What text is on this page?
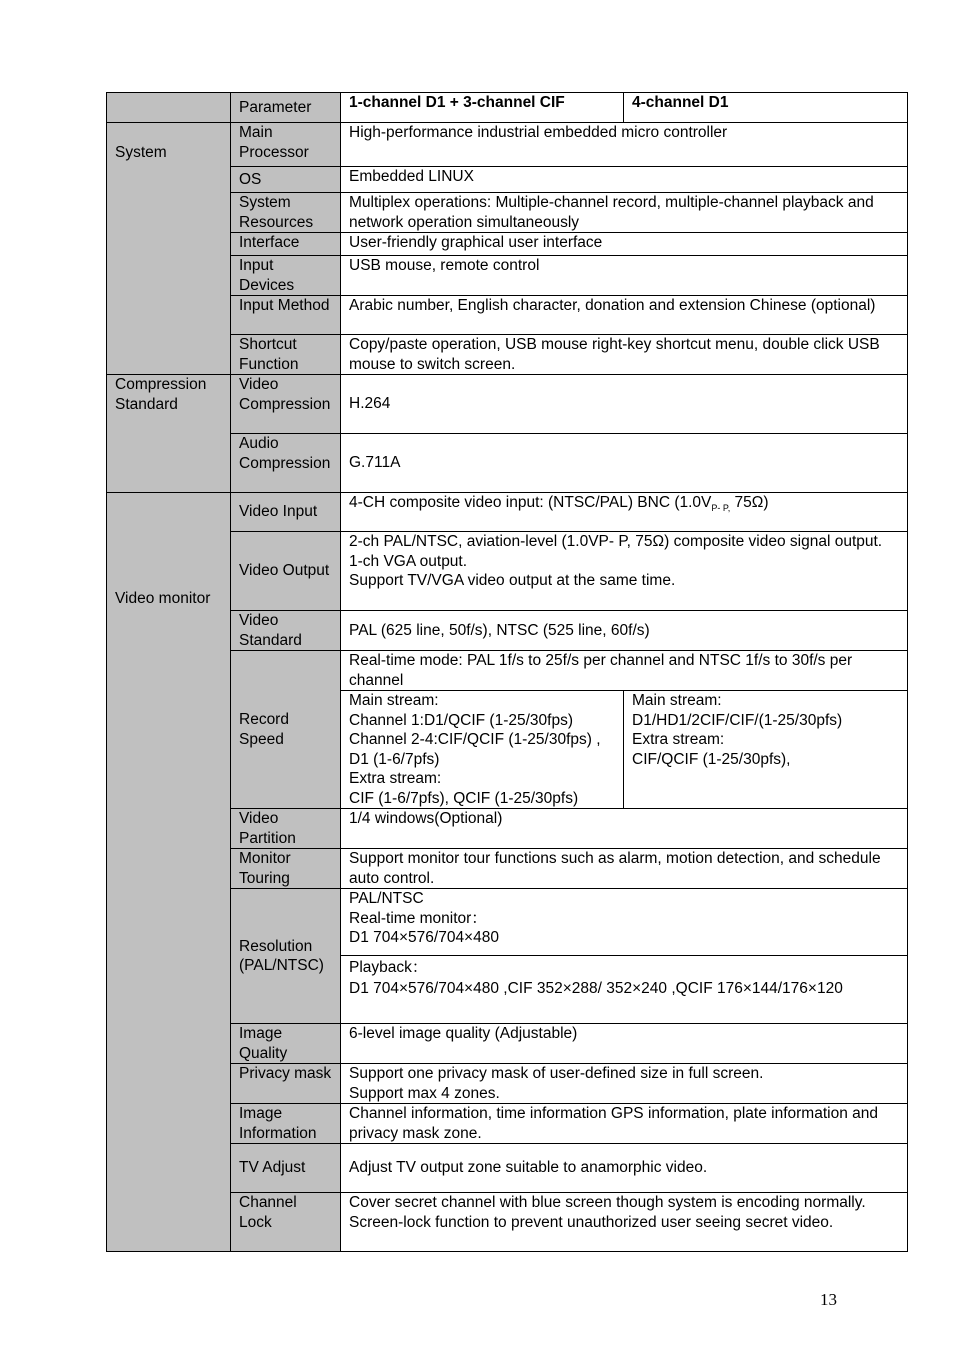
	Parameter	1-channel D1 + 3-channel CIF	4-channel D1
System	Main Processor	High-performance industrial embedded micro controller	
	OS	Embedded LINUX	
	System Resources	Multiplex operations: Multiple-channel record, multiple-channel playback and network operation simultaneously	
	Interface	User-friendly graphical user interface	
	Input Devices	USB mouse, remote control	
	Input Method	Arabic number, English character, donation and extension Chinese (optional)	
	Shortcut Function	Copy/paste operation, USB mouse right-key shortcut menu, double click USB mouse to switch screen.	
Compression Standard	Video Compression	H.264	
	Audio Compression	G.711A	
Video monitor	Video Input	4-CH composite video input: (NTSC/PAL) BNC ($1.0V_{P- P,}$ 75Ω)	
	Video Output	2-ch PAL/NTSC, aviation-level (1.0VP- P, 75Ω) composite video signal output.
1-ch VGA output.
Support TV/VGA video output at the same time.	

	Video Standard	PAL (625 line, 50f/s), NTSC (525 line, 60f/s)	
	Record Speed	Real-time mode: PAL 1f/s to 25f/s per channel and NTSC 1f/s to 30f/s per channel	

		Main stream:
Channel 1:D1/QCIF (1-25/30fps)
Channel 2-4:CIF/QCIF (1-25/30fps) , D1 (1-6/7pfs)
Extra stream:
CIF (1-6/7pfs), QCIF (1-25/30pfs)	Main stream:
D1/HD1/2CIF/CIF/(1-25/30pfs)
Extra stream:
CIF/QCIF (1-25/30pfs),

	Video Partition	1/4 windows(Optional)	
	Monitor Touring	Support monitor tour functions such as alarm, motion detection, and schedule auto control.	
	Resolution (PAL/NTSC)	PAL/NTSC
Real-time monitor：
D1 704×576/704×480	

		Playback：
D1 704×576/704×480 ,CIF 352×288/ 352×240 ,QCIF 176×144/176×120	

	Image Quality	6-level image quality (Adjustable)	
	Privacy mask	Support one privacy mask of user-defined size in full screen.
Support max 4 zones.	

	Image Information	Channel information, time information GPS information, plate information and privacy mask zone.	
	TV Adjust	Adjust TV output zone suitable to anamorphic video.	
	Channel Lock	Cover secret channel with blue screen though system is encoding normally.
Screen-lock function to prevent unauthorized user seeing secret video.	
13
